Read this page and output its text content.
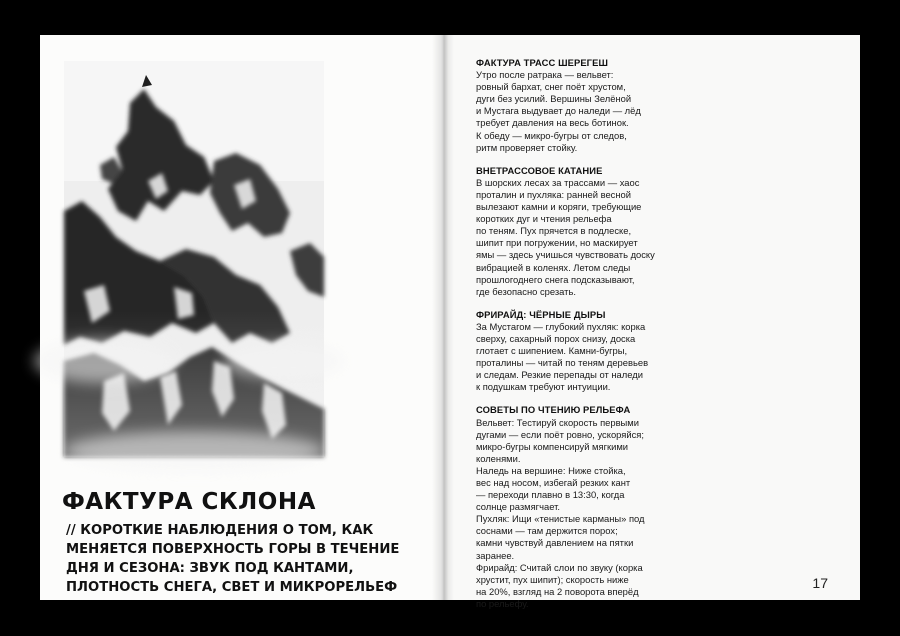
ФАКТУРА СКЛОНА

// КОРОТКИЕ НАБЛЮДЕНИЯ О ТОМ, КАК МЕНЯЕТСЯ ПОВЕРХНОСТЬ ГОРЫ В ТЕЧЕНИЕ ДНЯ И СЕЗОНА: ЗВУК ПОД КАНТАМИ, ПЛОТНОСТЬ СНЕГА, СВЕТ И МИКРОРЕЛЬЕФ

ФАКТУРА ТРАСС ШЕРЕГЕШ

Утро после ратрака — вельвет:

ровный бархат, снег поёт хрустом,

дуги без усилий. Вершины Зелёной

и Мустага выдувает до наледи — лёд

требует давления на весь ботинок.

К обеду — микро-бугры от следов,

ритм проверяет стойку.

ВНЕТРАССОВОЕ КАТАНИЕ

В шорских лесах за трассами — хаос

проталин и пухляка: ранней весной

вылезают камни и коряги, требующие

коротких дуг и чтения рельефа

по теням. Пух прячется в подлеске,

шипит при погружении, но маскирует

ямы — здесь учишься чувствовать доску

вибрацией в коленях. Летом следы

прошлогоднего снега подсказывают,

где безопасно срезать.

ФРИРАЙД: ЧЁРНЫЕ ДЫРЫ

За Мустагом — глубокий пухляк: корка

сверху, сахарный порох снизу, доска

глотает с шипением. Камни-бугры,

проталины — читай по теням деревьев

и следам. Резкие перепады от наледи

к подушкам требуют интуиции.

СОВЕТЫ ПО ЧТЕНИЮ РЕЛЬЕФА

Вельвет: Тестируй скорость первыми

дугами — если поёт ровно, ускоряйся;

микро-бугры компенсируй мягкими

коленями.

Наледь на вершине: Ниже стойка,

вес над носом, избегай резких кант

— переходи плавно в 13:30, когда

солнце размягчает.

Пухляк: Ищи «тенистые карманы» под

соснами — там держится порох;

камни чувствуй давлением на пятки

заранее.

Фрирайд: Считай слои по звуку (корка

хрустит, пух шипит); скорость ниже

на 20%, взгляд на 2 поворота вперёд

по рельефу.

17
